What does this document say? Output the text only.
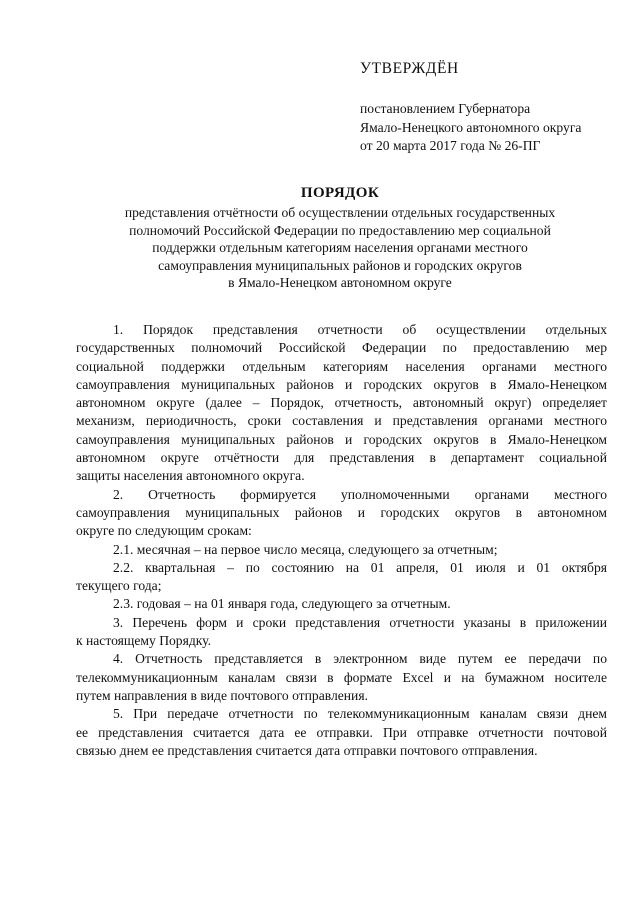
УТВЕРЖДЁН
постановлением Губернатора
Ямало-Ненецкого автономного округа
от 20 марта 2017 года № 26-ПГ
ПОРЯДОК
представления отчётности об осуществлении отдельных государственных
полномочий Российской Федерации по предоставлению мер социальной
поддержки отдельным категориям населения органами местного
самоуправления муниципальных районов и городских округов
в Ямало-Ненецком автономном округе
1. Порядок представления отчетности об осуществлении отдельных
государственных полномочий Российской Федерации по предоставлению мер
социальной поддержки отдельным категориям населения органами местного
самоуправления муниципальных районов и городских округов в Ямало-Ненецком
автономном округе (далее – Порядок, отчетность, автономный округ) определяет
механизм, периодичность, сроки составления и представления органами местного
самоуправления муниципальных районов и городских округов в Ямало-Ненецком
автономном округе отчётности для представления в департамент социальной
защиты населения автономного округа.
2. Отчетность формируется уполномоченными органами местного
самоуправления муниципальных районов и городских округов в автономном
округе по следующим срокам:
2.1. месячная – на первое число месяца, следующего за отчетным;
2.2. квартальная – по состоянию на 01 апреля, 01 июля и 01 октября
текущего года;
2.3. годовая – на 01 января года, следующего за отчетным.
3. Перечень форм и сроки представления отчетности указаны в приложении
к настоящему Порядку.
4. Отчетность представляется в электронном виде путем ее передачи по
телекоммуникационным каналам связи в формате Excel и на бумажном носителе
путем направления в виде почтового отправления.
5. При передаче отчетности по телекоммуникационным каналам связи днем
ее представления считается дата ее отправки. При отправке отчетности почтовой
связью днем ее представления считается дата отправки почтового отправления.
